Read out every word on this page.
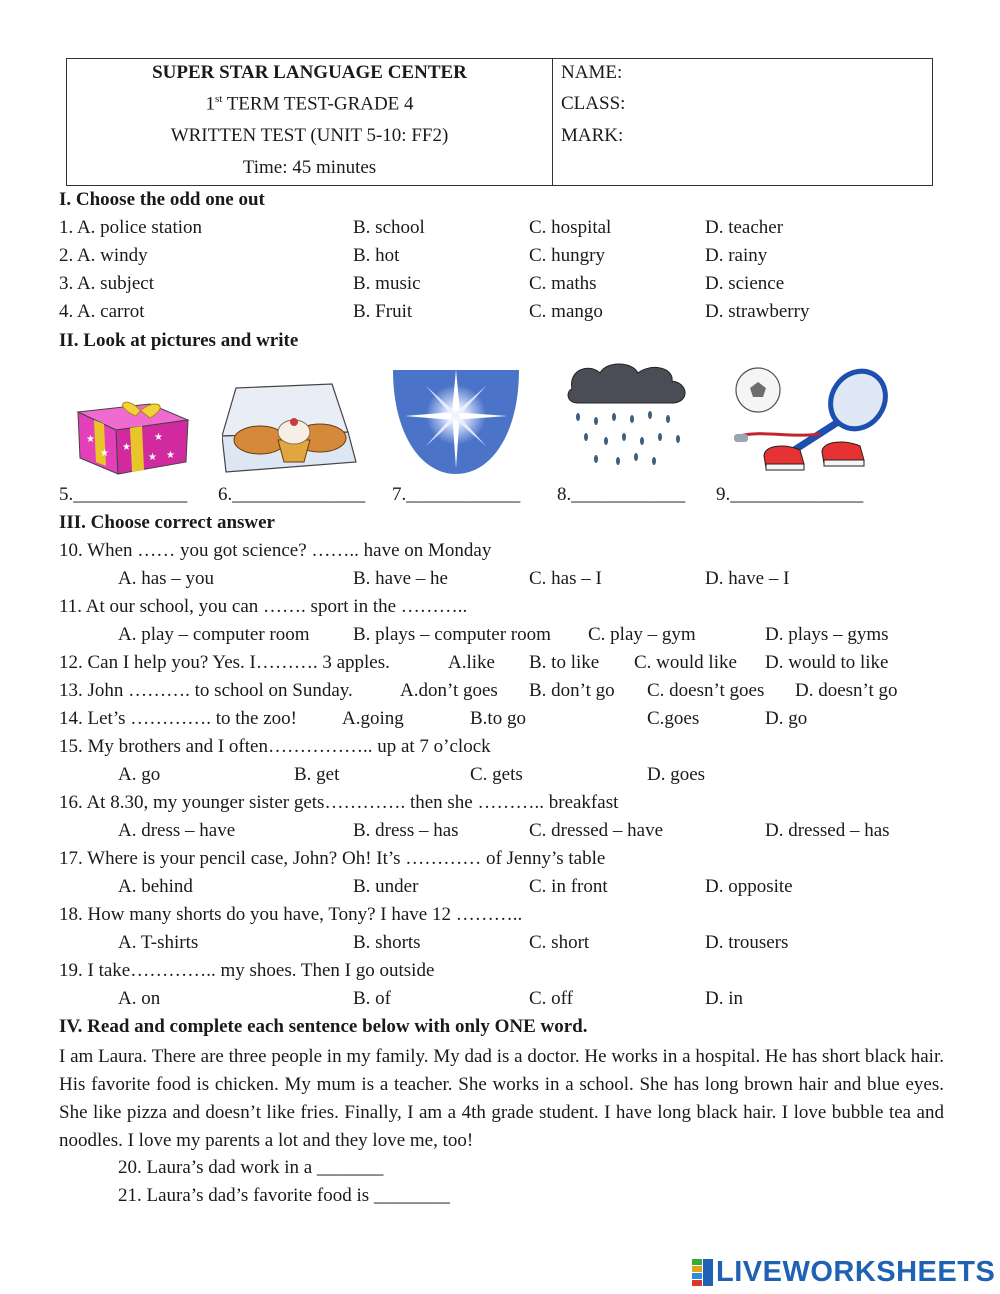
SUPER STAR LANGUAGE CENTER
1st TERM TEST-GRADE 4
WRITTEN TEST (UNIT 5-10: FF2)
Time: 45 minutes
NAME:
CLASS:
MARK:
I. Choose the odd one out
1. A. police station	B. school	C. hospital	D. teacher
2. A. windy	B. hot	C. hungry	D. rainy
3. A. subject	B. music	C. maths	D. science
4. A. carrot	B. Fruit	C. mango	D. strawberry
II. Look at pictures and write
★
★
★
★
★	★
5.____________ 6.______________ 7.____________ 8.____________ 9.______________
III. Choose correct answer
10. When …… you got science? …….. have on Monday
A. has – you	B. have – he	C. has – I	D. have – I
11. At our school, you can ……. sport in the ………..
A. play – computer room B. plays – computer room C. play – gym	D. plays – gyms
12. Can I help you? Yes. I………. 3 apples.	A.like B. to like C. would like D. would to like
13. John ………. to school on Sunday. A.don’t goes B. don’t go C. doesn’t goes D. doesn’t go
14. Let’s …………. to the zoo! A.going	B.to go	C.goes	D. go
15. My brothers and I often…………….. up at 7 o’clock
A. go	B. get	C. gets	D. goes
16. At 8.30, my younger sister gets…………. then she ……….. breakfast
A. dress – have	B. dress – has	C. dressed – have	D. dressed – has
17. Where is your pencil case, John? Oh! It’s ………… of Jenny’s table
A. behind	B. under	C. in front	D. opposite
18. How many shorts do you have, Tony? I have 12 ………..
A. T-shirts	B. shorts	C. short	D. trousers
19. I take………….. my shoes. Then I go outside
A. on	B. of	C. off	D. in
IV. Read and complete each sentence below with only ONE word.
I am Laura. There are three people in my family. My dad is a doctor. He works in a hospital. He has short black hair. His favorite food is chicken. My mum is a teacher. She works in a school. She has long brown hair and blue eyes. She like pizza and doesn’t like fries. Finally, I am a 4th grade student. I have long black hair. I love bubble tea and noodles. I love my parents a lot and they love me, too!
20. Laura’s dad work in a _______
21. Laura’s dad’s favorite food is ________
LIVEWORKSHEETS
